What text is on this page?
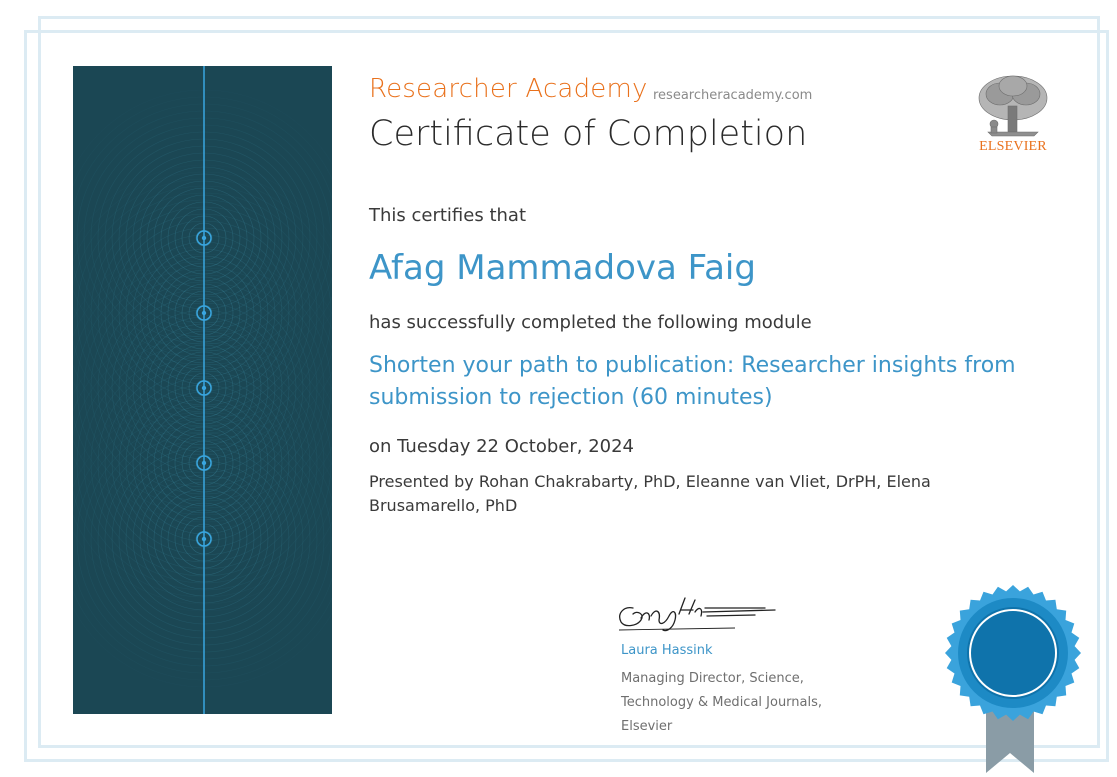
Researcher Academy researcheracademy.com
Certificate of Completion	ELSEVIER
This certifies that
Afag Mammadova Faig
has successfully completed the following module
Shorten your path to publication: Researcher insights from submission to rejection (60 minutes)
on Tuesday 22 October, 2024
Presented by Rohan Chakrabarty, PhD, Eleanne van Vliet, DrPH, Elena Brusamarello, PhD
Laura Hassink
Managing Director, Science, Technology & Medical Journals, Elsevier
